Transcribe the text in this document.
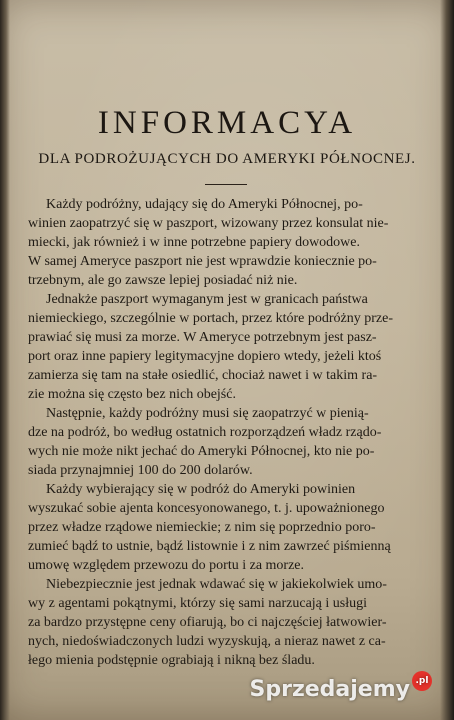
INFORMACYA
DLA PODROŻUJĄCYCH DO AMERYKI PÓŁNOCNEJ.
Każdy podróżny, udający się do Ameryki Północnej, po-
winien zaopatrzyć się w paszport, wizowany przez konsulat nie-
miecki, jak również i w inne potrzebne papiery dowodowe.
W samej Ameryce paszport nie jest wprawdzie koniecznie po-
trzebnym, ale go zawsze lepiej posiadać niż nie.
Jednakże paszport wymaganym jest w granicach państwa
niemieckiego, szczególnie w portach, przez które podróżny prze-
prawiać się musi za morze. W Ameryce potrzebnym jest pasz-
port oraz inne papiery legitymacyjne dopiero wtedy, jeżeli ktoś
zamierza się tam na stałe osiedlić, chociaż nawet i w takim ra-
zie można się często bez nich obejść.
Następnie, każdy podróżny musi się zaopatrzyć w pienią-
dze na podróż, bo według ostatnich rozporządzeń władz rządo-
wych nie może nikt jechać do Ameryki Północnej, kto nie po-
siada przynajmniej 100 do 200 dolarów.
Każdy wybierający się w podróż do Ameryki powinien
wyszukać sobie ajenta koncesyonowanego, t. j. upoważnionego
przez władze rządowe niemieckie; z nim się poprzednio poro-
zumieć bądź to ustnie, bądź listownie i z nim zawrzeć piśmienną
umowę względem przewozu do portu i za morze.
Niebezpiecznie jest jednak wdawać się w jakiekolwiek umo-
wy z agentami pokątnymi, którzy się sami narzucają i usługi
za bardzo przystępne ceny ofiarują, bo ci najczęściej łatwowier-
nych, niedoświadczonych ludzi wyzyskują, a nieraz nawet z ca-
łego mienia podstępnie ograbiają i nikną bez śladu.
Sprzedajemy .pl
